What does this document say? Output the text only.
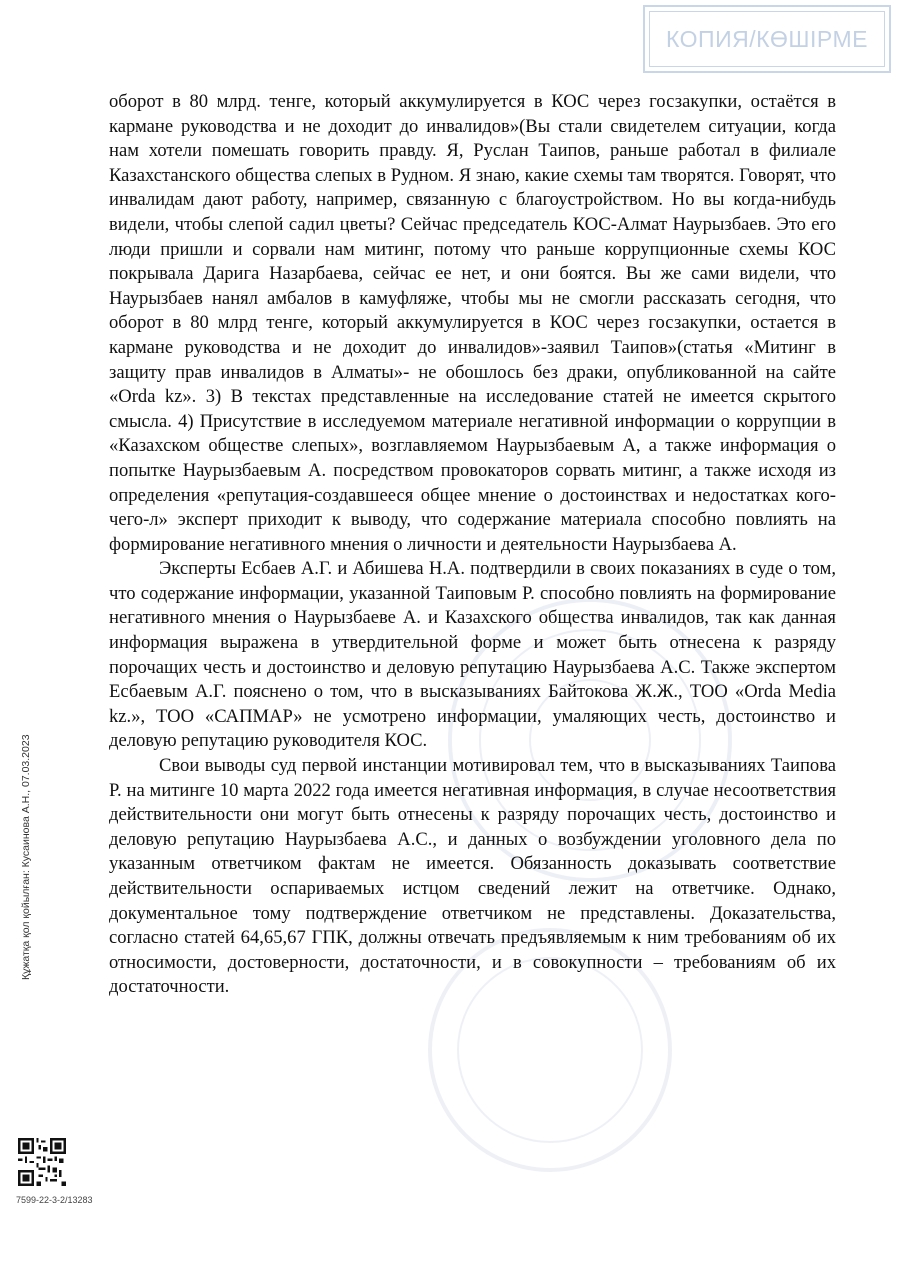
КОПИЯ/КӨШІРМЕ

оборот в 80 млрд. тенге, который аккумулируется в КОС через госзакупки, остаётся в кармане руководства и не доходит до инвалидов»(Вы стали свидетелем ситуации, когда нам хотели помешать говорить правду. Я, Руслан Таипов, раньше работал в филиале Казахстанского общества слепых в Рудном. Я знаю, какие схемы там творятся. Говорят, что инвалидам дают работу, например, связанную с благоустройством. Но вы когда-нибудь видели, чтобы слепой садил цветы? Сейчас председатель КОС-Алмат Наурызбаев. Это его люди пришли и сорвали нам митинг, потому что раньше коррупционные схемы КОС покрывала Дарига Назарбаева, сейчас ее нет, и они боятся. Вы же сами видели, что Наурызбаев нанял амбалов в камуфляже, чтобы мы не смогли рассказать сегодня, что оборот в 80 млрд тенге, который аккумулируется в КОС через госзакупки, остается в кармане руководства и не доходит до инвалидов»-заявил Таипов»(статья «Митинг в защиту прав инвалидов в Алматы»- не обошлось без драки, опубликованной на сайте «Orda kz». 3) В текстах представленные на исследование статей не имеется скрытого смысла. 4) Присутствие в исследуемом материале негативной информации о коррупции в «Казахском обществе слепых», возглавляемом Наурызбаевым А, а также информация о попытке Наурызбаевым А. посредством провокаторов сорвать митинг, а также исходя из определения «репутация-создавшееся общее мнение о достоинствах и недостатках кого-чего-л» эксперт приходит к выводу, что содержание материала способно повлиять на формирование негативного мнения о личности и деятельности Наурызбаева А.

Эксперты Есбаев А.Г. и Абишева Н.А. подтвердили в своих показаниях в суде о том, что содержание информации, указанной Таиповым Р. способно повлиять на формирование негативного мнения о Наурызбаеве А. и Казахского общества инвалидов, так как данная информация выражена в утвердительной форме и может быть отнесена к разряду порочащих честь и достоинство и деловую репутацию Наурызбаева А.С. Также экспертом Есбаевым А.Г. пояснено о том, что в высказываниях Байтокова Ж.Ж., ТОО «Orda Media kz.», ТОО «САПМАР» не усмотрено информации, умаляющих честь, достоинство и деловую репутацию руководителя КОС.

Свои выводы суд первой инстанции мотивировал тем, что в высказываниях Таипова Р. на митинге 10 марта 2022 года имеется негативная информация, в случае несоответствия действительности они могут быть отнесены к разряду порочащих честь, достоинство и деловую репутацию Наурызбаева А.С., и данных о возбуждении уголовного дела по указанным ответчиком фактам не имеется. Обязанность доказывать соответствие действительности оспариваемых истцом сведений лежит на ответчике. Однако, документальное тому подтверждение ответчиком не представлены. Доказательства, согласно статей 64,65,67 ГПК, должны отвечать предъявляемым к ним требованиям об их относимости, достоверности, достаточности, и в совокупности – требованиям об их достаточности.

Құжатқа қол қойылған: Кусаинова А.Н., 07.03.2023
7599-22-3-2/13283
